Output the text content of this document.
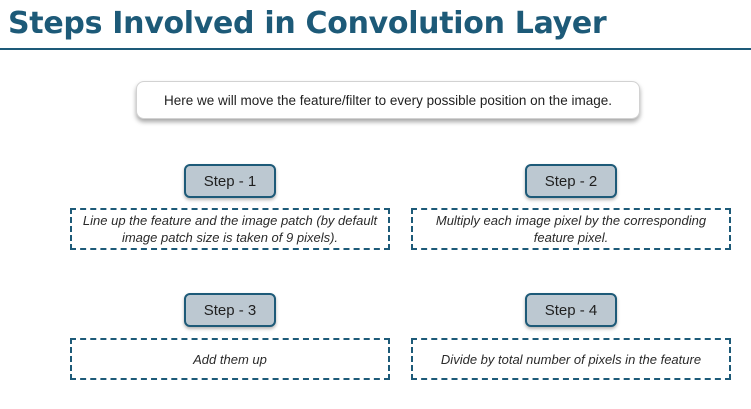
Steps Involved in Convolution Layer
Here we will move the feature/filter to every possible position on the image.
Step - 1
Line up the feature and the image patch (by default image patch size is taken of 9 pixels).
Step - 2
Multiply each image pixel by the corresponding feature pixel.
Step - 3
Add them up
Step - 4
Divide by total number of pixels in the feature
